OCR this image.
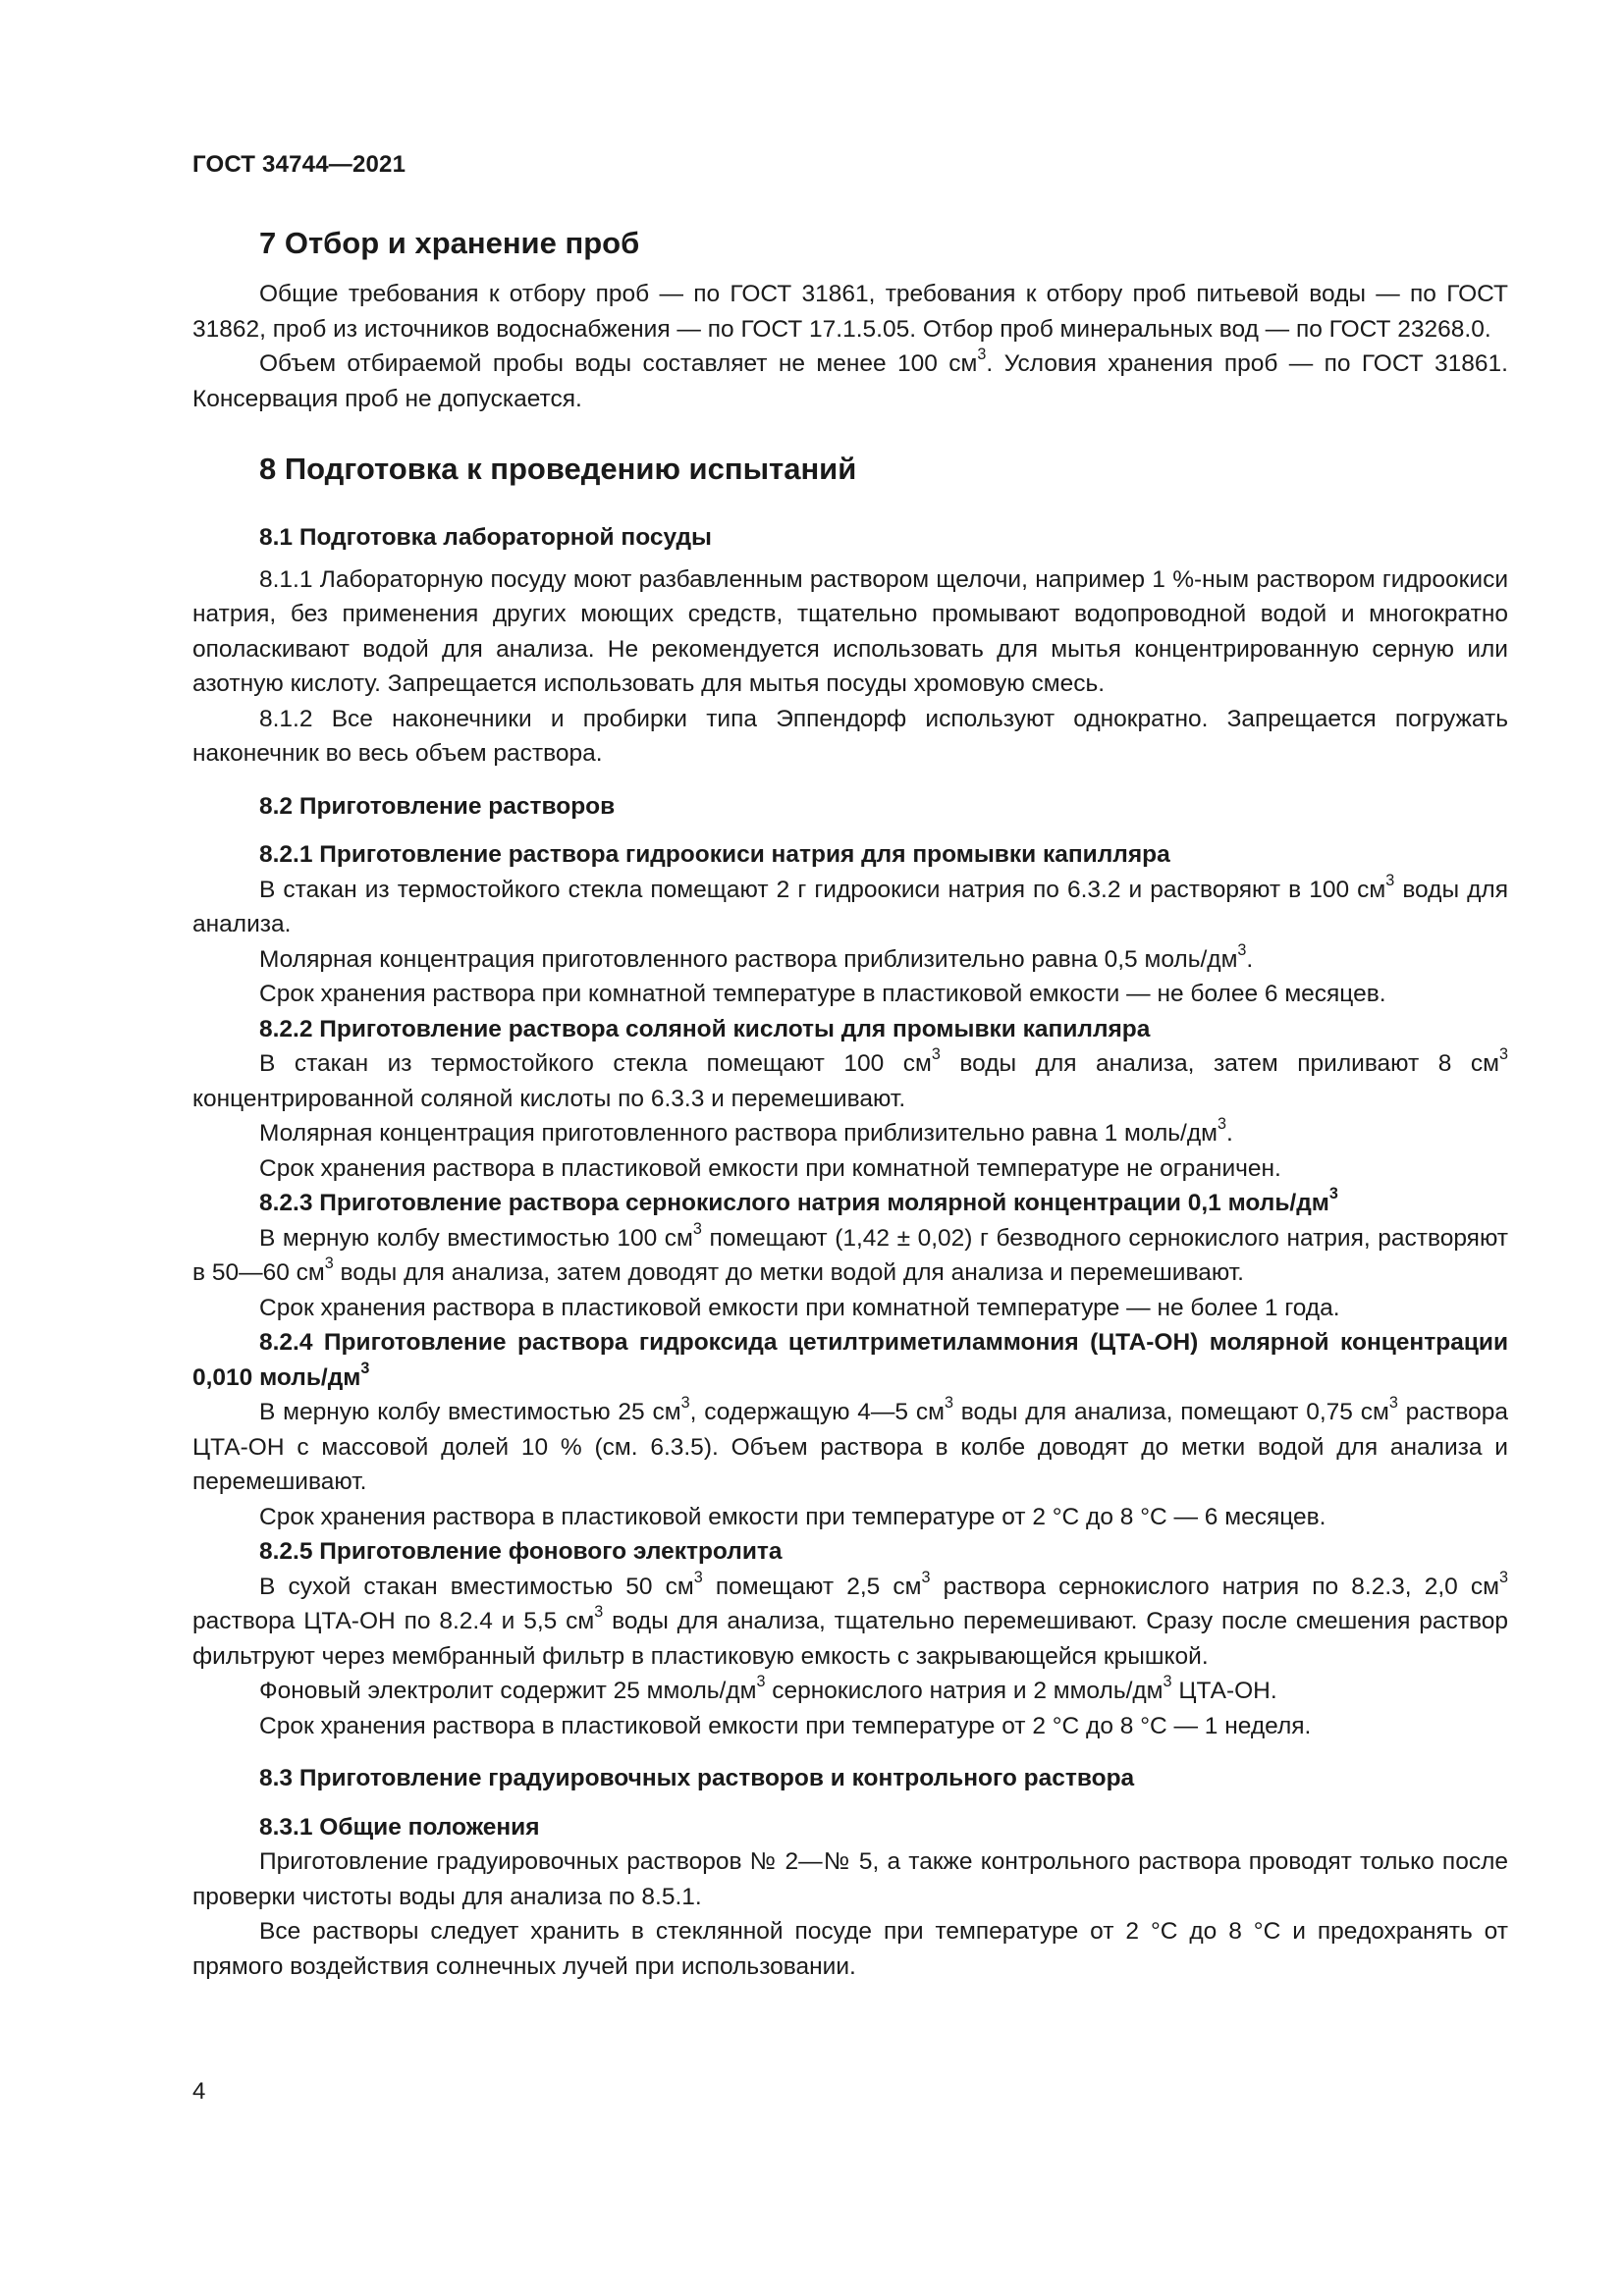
ГОСТ 34744—2021
7 Отбор и хранение проб

Общие требования к отбору проб — по ГОСТ 31861, требования к отбору проб питьевой воды — по ГОСТ 31862, проб из источников водоснабжения — по ГОСТ 17.1.5.05. Отбор проб минеральных вод — по ГОСТ 23268.0.

Объем отбираемой пробы воды составляет не менее 100 $см^3$. Условия хранения проб — по ГОСТ 31861. Консервация проб не допускается.

8 Подготовка к проведению испытаний
8.1 Подготовка лабораторной посуды

8.1.1 Лабораторную посуду моют разбавленным раствором щелочи, например 1 %-ным раствором гидроокиси натрия, без применения других моющих средств, тщательно промывают водопроводной водой и многократно ополаскивают водой для анализа. Не рекомендуется использовать для мытья концентрированную серную или азотную кислоту. Запрещается использовать для мытья посуды хромовую смесь.

8.1.2 Все наконечники и пробирки типа Эппендорф используют однократно. Запрещается погружать наконечник во весь объем раствора.

8.2 Приготовление растворов
8.2.1 Приготовление раствора гидроокиси натрия для промывки капилляра

В стакан из термостойкого стекла помещают 2 г гидроокиси натрия по 6.3.2 и растворяют в 100 $см^3$ воды для анализа.

Молярная концентрация приготовленного раствора приблизительно равна 0,5 моль/$дм^3$.

Срок хранения раствора при комнатной температуре в пластиковой емкости — не более 6 месяцев.

8.2.2 Приготовление раствора соляной кислоты для промывки капилляра

В стакан из термостойкого стекла помещают 100 $см^3$ воды для анализа, затем приливают 8 $см^3$ концентрированной соляной кислоты по 6.3.3 и перемешивают.

Молярная концентрация приготовленного раствора приблизительно равна 1 моль/$дм^3$.

Срок хранения раствора в пластиковой емкости при комнатной температуре не ограничен.

8.2.3 Приготовление раствора сернокислого натрия молярной концентрации 0,1 моль/$дм^3$

В мерную колбу вместимостью 100 $см^3$ помещают (1,42 ± 0,02) г безводного сернокислого натрия, растворяют в 50—60 $см^3$ воды для анализа, затем доводят до метки водой для анализа и перемешивают.

Срок хранения раствора в пластиковой емкости при комнатной температуре — не более 1 года.

8.2.4 Приготовление раствора гидроксида цетилтриметиламмония (ЦТА-ОН) молярной концентрации 0,010 моль/$дм^3$

В мерную колбу вместимостью 25 $см^3$, содержащую 4—5 $см^3$ воды для анализа, помещают 0,75 $см^3$ раствора ЦТА-ОН с массовой долей 10 % (см. 6.3.5). Объем раствора в колбе доводят до метки водой для анализа и перемешивают.

Срок хранения раствора в пластиковой емкости при температуре от 2 °С до 8 °С — 6 месяцев.

8.2.5 Приготовление фонового электролита

В сухой стакан вместимостью 50 $см^3$ помещают 2,5 $см^3$ раствора сернокислого натрия по 8.2.3, 2,0 $см^3$ раствора ЦТА-ОН по 8.2.4 и 5,5 $см^3$ воды для анализа, тщательно перемешивают. Сразу после смешения раствор фильтруют через мембранный фильтр в пластиковую емкость с закрывающейся крышкой.

Фоновый электролит содержит 25 ммоль/$дм^3$ сернокислого натрия и 2 ммоль/$дм^3$ ЦТА-ОН.

Срок хранения раствора в пластиковой емкости при температуре от 2 °С до 8 °С — 1 неделя.

8.3 Приготовление градуировочных растворов и контрольного раствора
8.3.1 Общие положения

Приготовление градуировочных растворов № 2—№ 5, а также контрольного раствора проводят только после проверки чистоты воды для анализа по 8.5.1.

Все растворы следует хранить в стеклянной посуде при температуре от 2 °С до 8 °С и предохранять от прямого воздействия солнечных лучей при использовании.

4
